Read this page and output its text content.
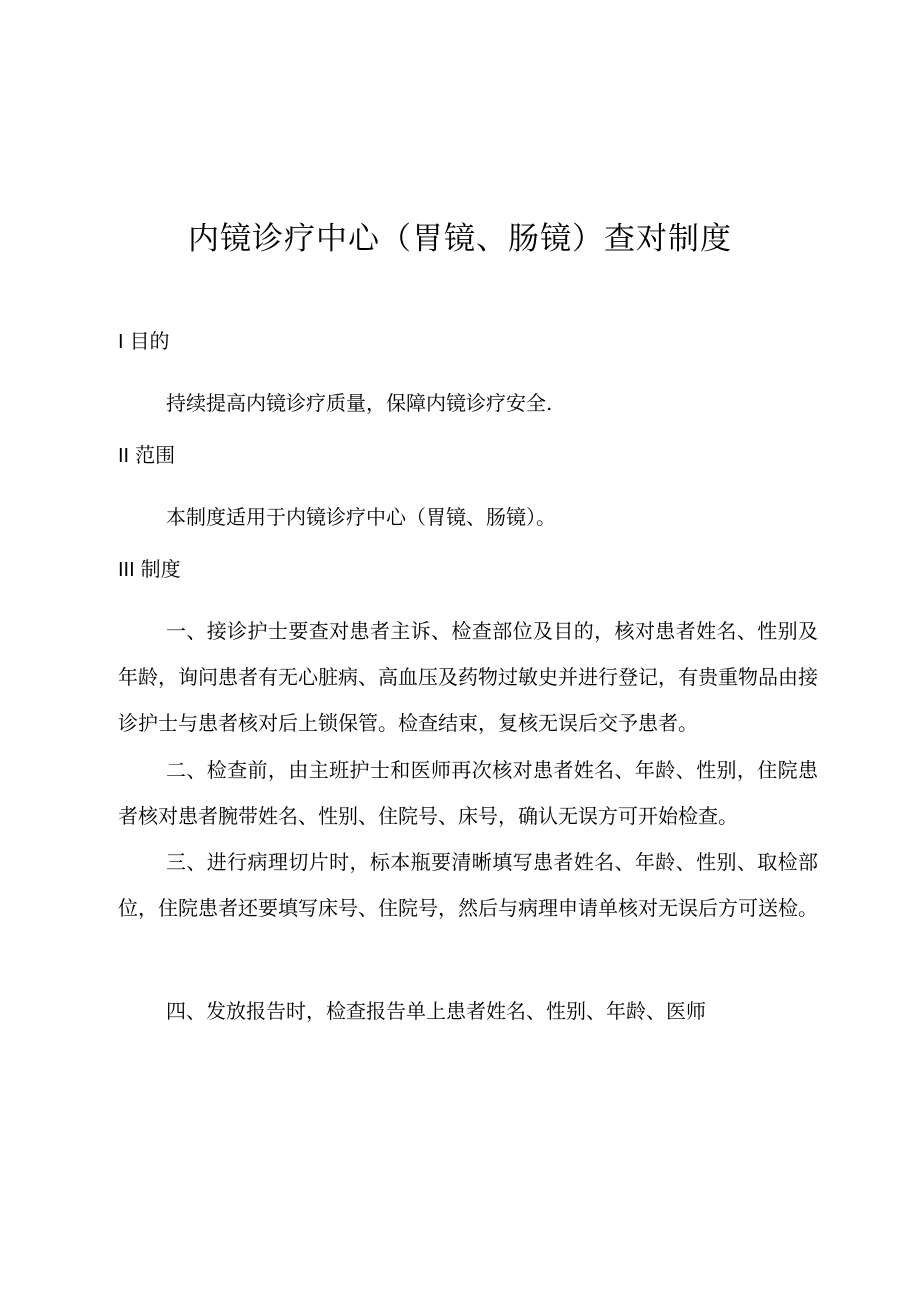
内镜诊疗中心（胃镜、肠镜）查对制度
I 目的

持续提高内镜诊疗质量，保障内镜诊疗安全.

II 范围

本制度适用于内镜诊疗中心（胃镜、肠镜）。

III 制度

一、接诊护士要查对患者主诉、检查部位及目的，核对患者姓名、性别及年龄，询问患者有无心脏病、高血压及药物过敏史并进行登记，有贵重物品由接诊护士与患者核对后上锁保管。检查结束，复核无误后交予患者。

二、检查前，由主班护士和医师再次核对患者姓名、年龄、性别，住院患者核对患者腕带姓名、性别、住院号、床号，确认无误方可开始检查。

三、进行病理切片时，标本瓶要清晰填写患者姓名、年龄、性别、取检部位，住院患者还要填写床号、住院号，然后与病理申请单核对无误后方可送检。

四、发放报告时，检查报告单上患者姓名、性别、年龄、医师
